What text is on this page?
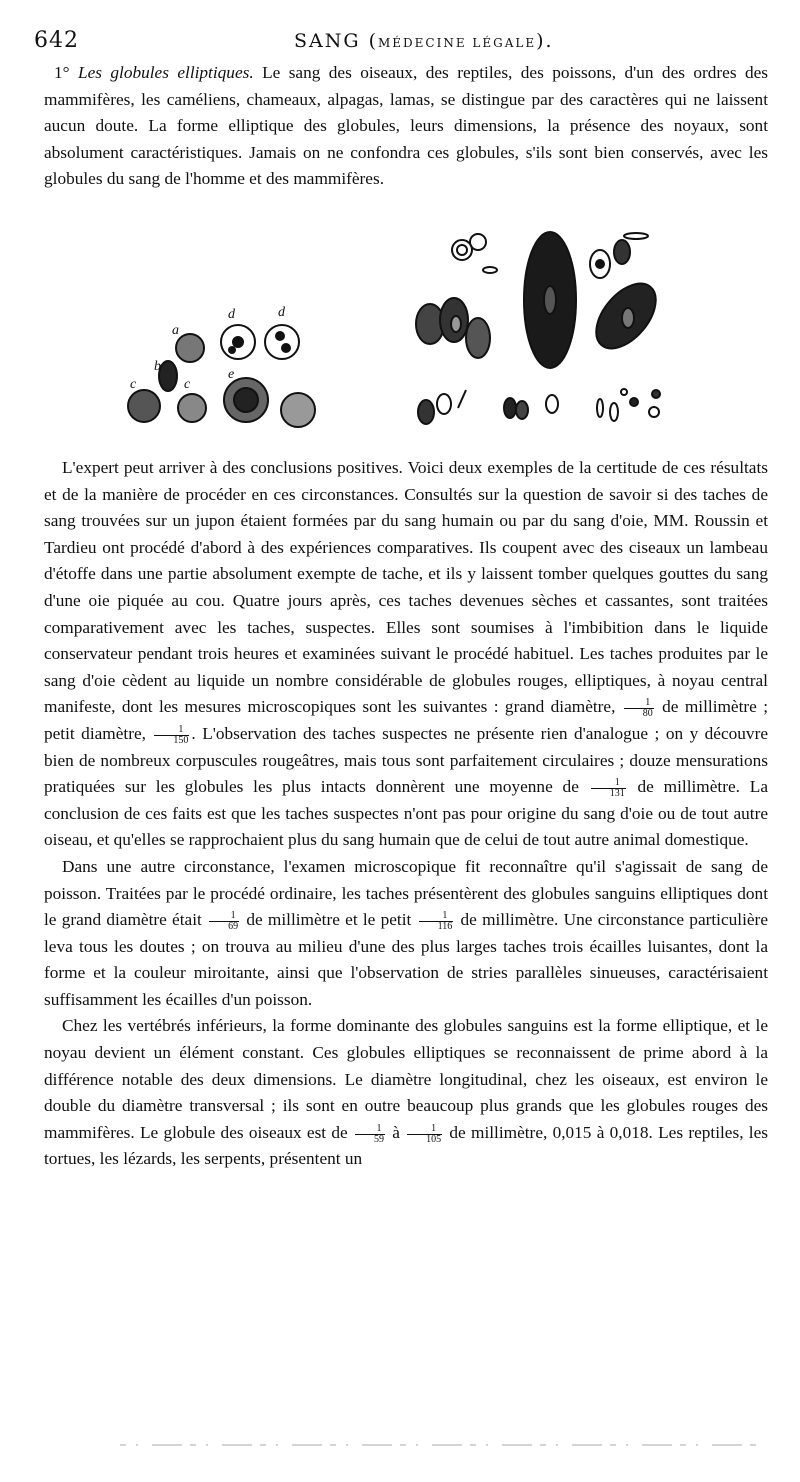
642	SANG (MÉDECINE LÉGALE).

1° Les globules elliptiques. Le sang des oiseaux, des reptiles, des poissons, d'un des ordres des mammifères, les caméliens, chameaux, alpagas, lamas, se distingue par des caractères qui ne laissent aucun doute. La forme elliptique des globules, leurs dimensions, la présence des noyaux, sont absolument caractéristiques. Jamais on ne confondra ces globules, s'ils sont bien conservés, avec les globules du sang de l'homme et des mammifères.

a
b
c	c
d	d
e

L'expert peut arriver à des conclusions positives. Voici deux exemples de la certitude de ces résultats et de la manière de procéder en ces circonstances. Consultés sur la question de savoir si des taches de sang trouvées sur un jupon étaient formées par du sang humain ou par du sang d'oie, MM. Roussin et Tardieu ont procédé d'abord à des expériences comparatives. Ils coupent avec des ciseaux un lambeau d'étoffe dans une partie absolument exempte de tache, et ils y laissent tomber quelques gouttes du sang d'une oie piquée au cou. Quatre jours après, ces taches devenues sèches et cassantes, sont traitées comparativement avec les taches, suspectes. Elles sont soumises à l'imbibition dans le liquide conservateur pendant trois heures et examinées suivant le procédé habituel. Les taches produites par le sang d'oie cèdent au liquide un nombre considérable de globules rouges, elliptiques, à noyau central manifeste, dont les mesures microscopiques sont les suivantes : grand diamètre, $\frac{1}{80}$ de millimètre ; petit diamètre, $\frac{1}{150}$ . L'observation des taches suspectes ne présente rien d'analogue ; on y découvre bien de nombreux corpuscules rougeâtres, mais tous sont parfaitement circulaires ; douze mensurations pratiquées sur les globules les plus intacts donnèrent une moyenne de $\frac{1}{131}$ de millimètre. La conclusion de ces faits est que les taches suspectes n'ont pas pour origine du sang d'oie ou de tout autre oiseau, et qu'elles se rapprochaient plus du sang humain que de celui de tout autre animal domestique.

Dans une autre circonstance, l'examen microscopique fit reconnaître qu'il s'agissait de sang de poisson. Traitées par le procédé ordinaire, les taches présentèrent des globules sanguins elliptiques dont le grand diamètre était $\frac{1}{69}$ de millimètre et le petit $\frac{1}{116}$ de millimètre. Une circonstance particulière leva tous les doutes ; on trouva au milieu d'une des plus larges taches trois écailles luisantes, dont la forme et la couleur miroitante, ainsi que l'observation de stries parallèles sinueuses, caractérisaient suffisamment les écailles d'un poisson.

Chez les vertébrés inférieurs, la forme dominante des globules sanguins est la forme elliptique, et le noyau devient un élément constant. Ces globules elliptiques se reconnaissent de prime abord à la différence notable des deux dimensions. Le diamètre longitudinal, chez les oiseaux, est environ le double du diamètre transversal ; ils sont en outre beaucoup plus grands que les globules rouges des mammifères. Le globule des oiseaux est de $\frac{1}{59}$ à $\frac{1}{105}$ de millimètre, 0,015 à 0,018. Les reptiles, les tortues, les lézards, les serpents, présentent un
